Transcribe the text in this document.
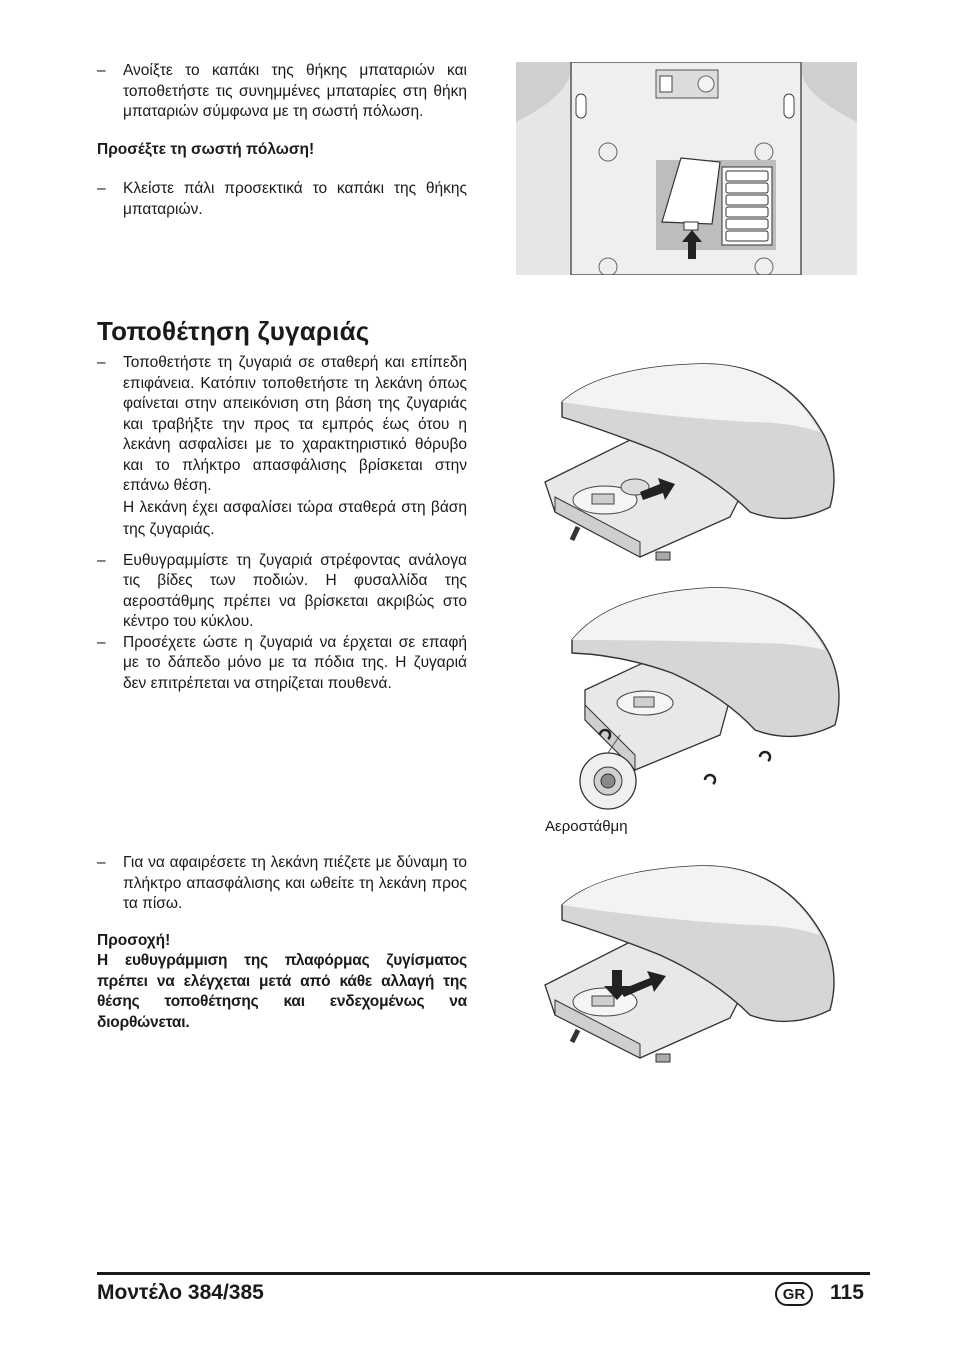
– Ανοίξτε το καπάκι της θήκης μπαταριών και τοποθετήστε τις συνημμένες μπαταρίες στη θήκη μπαταριών σύμφωνα με τη σωστή πόλωση.
Προσέξτε τη σωστή πόλωση!
– Κλείστε πάλι προσεκτικά το καπάκι της θήκης μπαταριών.
Τοποθέτηση ζυγαριάς
– Τοποθετήστε τη ζυγαριά σε σταθερή και επίπεδη επιφάνεια. Κατόπιν τοποθετήστε τη λεκάνη όπως φαίνεται στην απεικόνιση στη βάση της ζυγαριάς και τραβήξτε την προς τα εμπρός έως ότου η λεκάνη ασφαλίσει με το χαρακτηριστικό θόρυβο και το πλήκτρο απασφάλισης βρίσκεται στην επάνω θέση.
Η λεκάνη έχει ασφαλίσει τώρα σταθερά στη βάση της ζυγαριάς.
– Ευθυγραμμίστε τη ζυγαριά στρέφοντας ανάλογα τις βίδες των ποδιών. Η φυσαλλίδα της αεροστάθμης πρέπει να βρίσκεται ακριβώς στο κέντρο του κύκλου.
– Προσέχετε ώστε η ζυγαριά να έρχεται σε επαφή με το δάπεδο μόνο με τα πόδια της. Η ζυγαριά δεν επιτρέπεται να στηρίζεται πουθενά.
Αεροστάθμη
– Για να αφαιρέσετε τη λεκάνη πιέζετε με δύναμη το πλήκτρο απασφάλισης και ωθείτε τη λεκάνη προς τα πίσω.
Προσοχή!
Η ευθυγράμμιση της πλαφόρμας ζυγίσματος πρέπει να ελέγχεται μετά από κάθε αλλαγή της θέσης τοποθέτησης και ενδεχομένως να διορθώνεται.
Μοντέλο 384/385	GR	115
